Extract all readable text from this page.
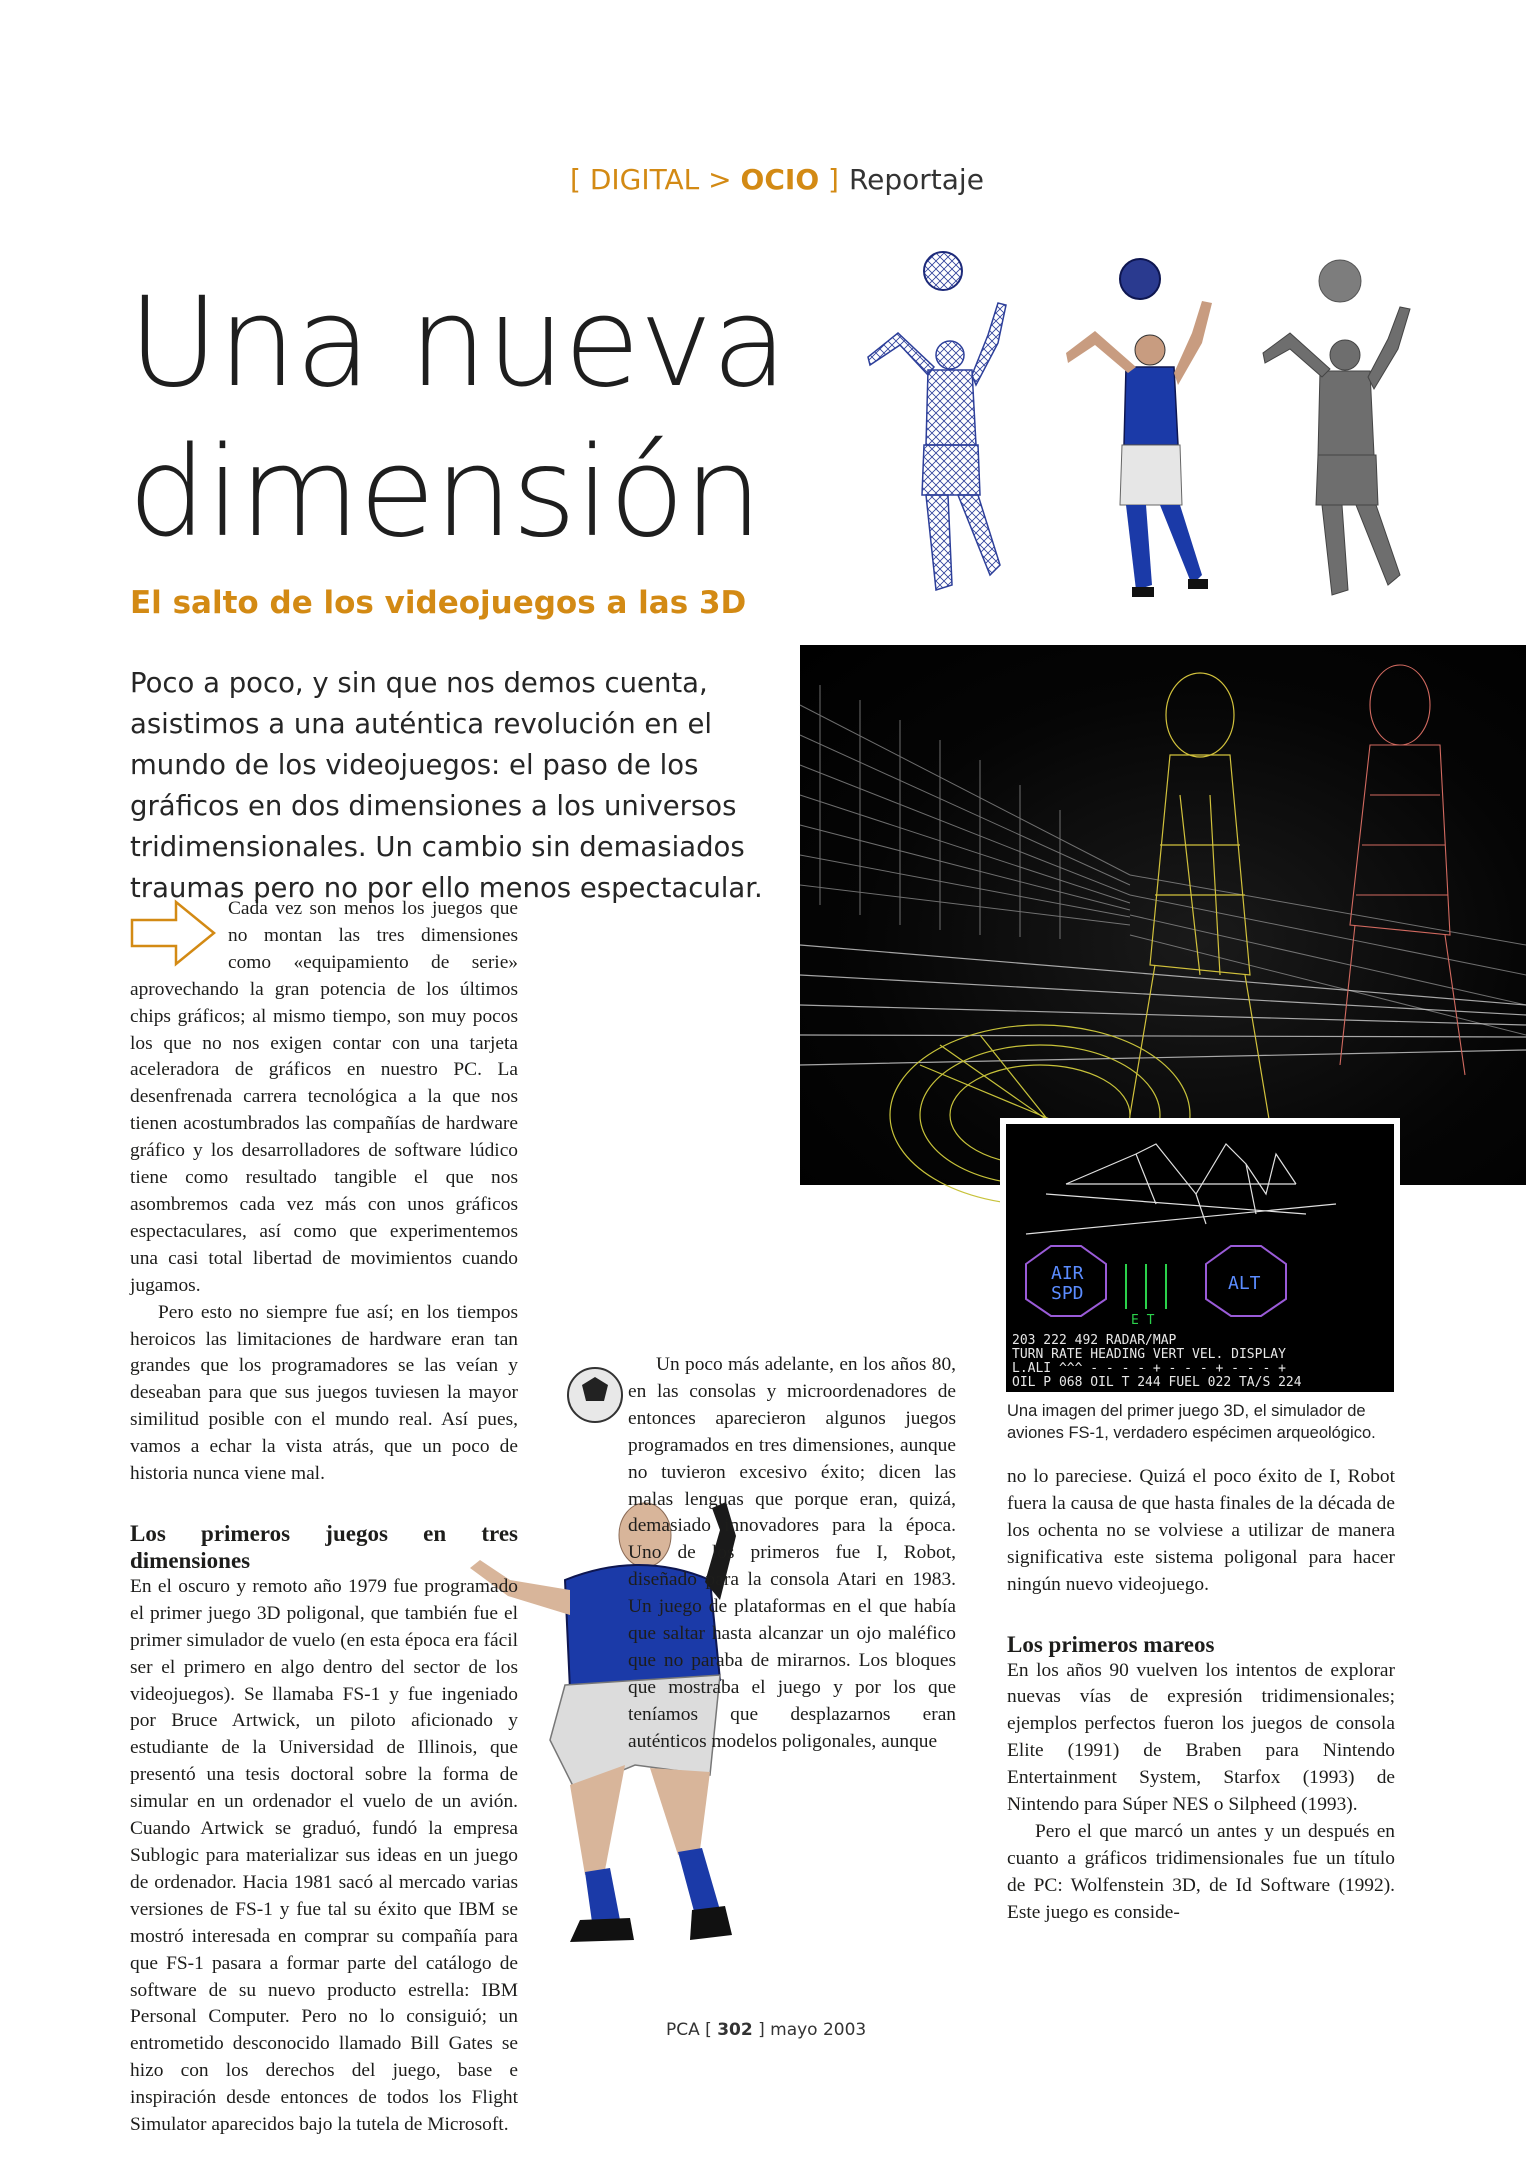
[ DIGITAL > OCIO ] Reportaje
Una nueva
dimensión
El salto de los videojuegos a las 3D
Poco a poco, y sin que nos demos cuenta, asistimos a una auténtica revolución en el mundo de los videojuegos: el paso de los gráficos en dos dimensiones a los universos tridimensionales. Un cambio sin demasiados traumas pero no por ello menos espectacular.
AIR
SPD	ALT
E T
203 222 492 RADAR/MAP
TURN RATE HEADING VERT VEL. DISPLAY
L.ALI ^^^ - - - - + - - - + - - - +
OIL P 068 OIL T 244 FUEL 022 TA/S 224
Una imagen del primer juego 3D, el simulador de aviones FS-1, verdadero espécimen arqueológico.

Cada vez son menos los juegos que no montan las tres dimensiones como «equipamiento de serie» aprovechando la gran potencia de los últimos chips gráficos; al mismo tiempo, son muy pocos los que no nos exigen contar con una tarjeta aceleradora de gráficos en nuestro PC. La desenfrenada carrera tecnológica a la que nos tienen acostumbrados las compañías de hardware gráfico y los desarrolladores de software lúdico tiene como resultado tangible el que nos asombremos cada vez más con unos gráficos espectaculares, así como que experimentemos una casi total libertad de movimientos cuando jugamos.

Pero esto no siempre fue así; en los tiempos heroicos las limitaciones de hardware eran tan grandes que los programadores se las veían y deseaban para que sus juegos tuviesen la mayor similitud posible con el mundo real. Así pues, vamos a echar la vista atrás, que un poco de historia nunca viene mal.

Los primeros juegos en tres dimensiones

En el oscuro y remoto año 1979 fue programado el primer juego 3D poligonal, que también fue el primer simulador de vuelo (en esta época era fácil ser el primero en algo dentro del sector de los videojuegos). Se llamaba FS-1 y fue ingeniado por Bruce Artwick, un piloto aficionado y estudiante de la Universidad de Illinois, que presentó una tesis doctoral sobre la forma de simular en un ordenador el vuelo de un avión. Cuando Artwick se graduó, fundó la empresa Sublogic para materializar sus ideas en un juego de ordenador. Hacia 1981 sacó al mercado varias versiones de FS-1 y fue tal su éxito que IBM se mostró interesada en comprar su compañía para que FS-1 pasara a formar parte del catálogo de software de su nuevo producto estrella: IBM Personal Computer. Pero no lo consiguió; un entrometido desconocido llamado Bill Gates se hizo con los derechos del juego, base e inspiración desde entonces de todos los Flight Simulator aparecidos bajo la tutela de Microsoft.

Un poco más adelante, en los años 80, en las consolas y microordenadores de entonces aparecieron algunos juegos programados en tres dimensiones, aunque no tuvieron excesivo éxito; dicen las malas lenguas que porque eran, quizá, demasiado innovadores para la época. Uno de los primeros fue I, Robot, diseñado para la consola Atari en 1983. Un juego de plataformas en el que había que saltar hasta alcanzar un ojo maléfico que no paraba de mirarnos. Los bloques que mostraba el juego y por los que teníamos que desplazarnos eran auténticos modelos poligonales, aunque

no lo pareciese. Quizá el poco éxito de I, Robot fuera la causa de que hasta finales de la década de los ochenta no se volviese a utilizar de manera significativa este sistema poligonal para hacer ningún nuevo videojuego.

Los primeros mareos

En los años 90 vuelven los intentos de explorar nuevas vías de expresión tridimensionales; ejemplos perfectos fueron los juegos de consola Elite (1991) de Braben para Nintendo Entertainment System, Starfox (1993) de Nintendo para Súper NES o Silpheed (1993).

Pero el que marcó un antes y un después en cuanto a gráficos tridimensionales fue un título de PC: Wolfenstein 3D, de Id Software (1992). Este juego es conside-

PCA [ 302 ] mayo 2003
